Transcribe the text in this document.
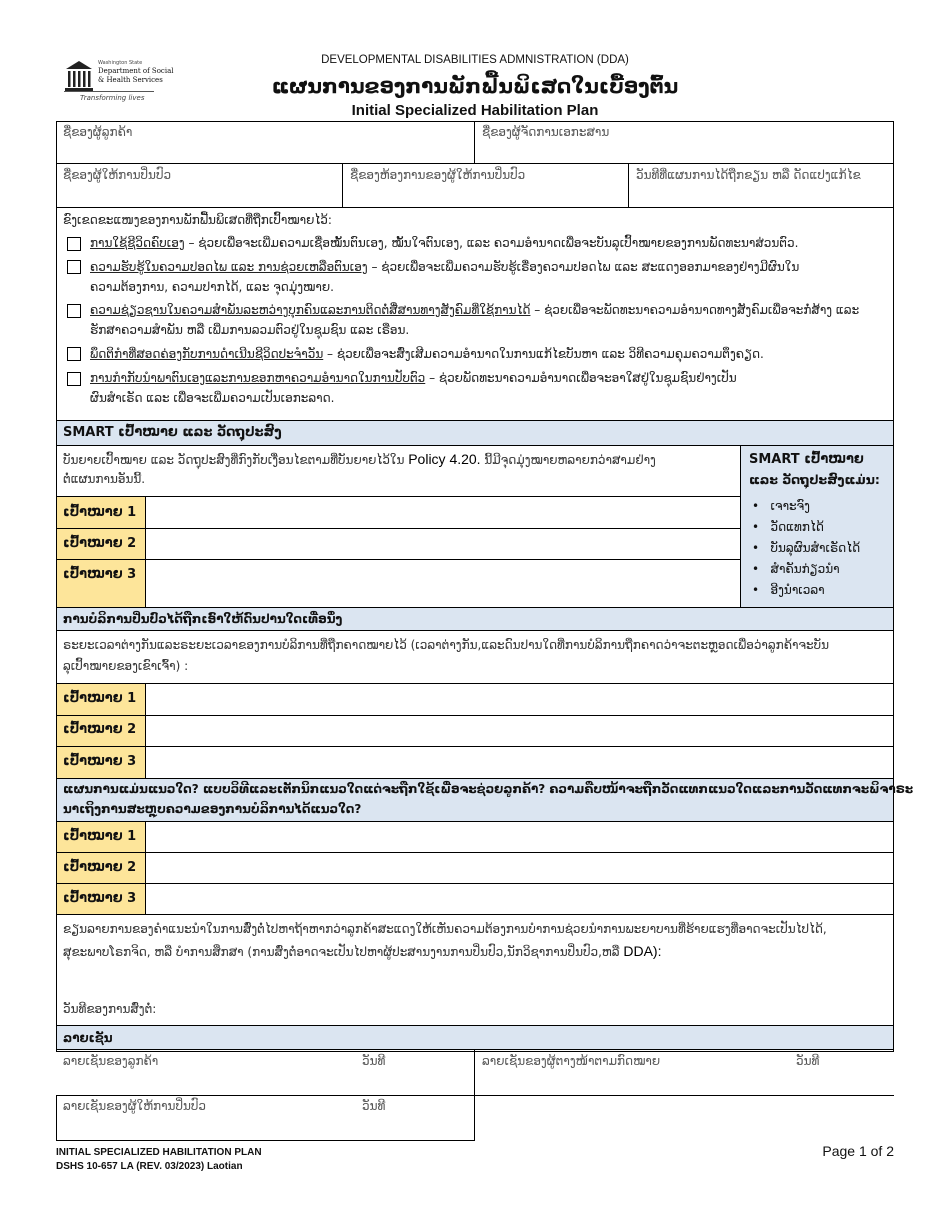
Washington State
Department of Social
& Health Services
Transforming lives
DEVELOPMENTAL DISABILITIES ADMNISTRATION (DDA)
ແຜນການຂອງການພັກຟື້ນພິເສດໃນເບື້ອງຕົ້ນ
Initial Specialized Habilitation Plan
ຊື່ຂອງຜູ້ລູກຄ້າ	ຊື່ຂອງຜູ້ຈັດການເອກະສານ
ຊື່ຂອງຜູ້ໃຫ້ການປິ່ນປົວ	ຊື່ຂອງຫ້ອງການຂອງຜູ້ໃຫ້ການປິ່ນປົວ	ວັນທີທີ່ແຜນການໄດ້ຖືກຂຽນ ຫລື ດັດແປງແກ້ໄຂ
ຂົງເຂດຂະແໜງຂອງການພັກຟື້ນພິເສດທີ່ຖືກເປົ້າໝາຍໄວ້:
ການໃຊ້ຊີວິດຄົບເອງ – ຊ່ວຍເພື່ອຈະເພີ່ມຄວາມເຊື່ອໝັ້ນຕົນເອງ, ໝັ້ນໃຈຕົນເອງ, ແລະ ຄວາມອຳນາດເພື່ອຈະບັນລຸເປົ້າໝາຍຂອງການພັດທະນາສ່ວນຕົວ.
ຄວາມຮັບຮູ້ໃນຄວາມປອດໄພ ແລະ ການຊ່ວຍເຫລືອຕົນເອງ – ຊ່ວຍເພື່ອຈະເພີ່ມຄວາມຮັບຮູ້ເຣື່ອງຄວາມປອດໄພ ແລະ ສະແດງອອກມາຂອງຢ່າງມີຜົນໃນ
ຄວາມຕ້ອງການ, ຄວາມປາກໄດ້, ແລະ ຈຸດມຸ່ງໝາຍ.
ຄວາມຊ່ຽວຊານໃນຄວາມສຳພັນລະຫວ່າງບຸກຄົນແລະການຕິດຕໍ່ສື່ສານທາງສັງຄົມທີ່ໃຊ້ການໄດ້ – ຊ່ວຍເພື່ອຈະພັດທະນາຄວາມອຳນາດທາງສັງຄົມເພື່ອຈະກໍ່ສ້າງ ແລະ
ຮັກສາຄວາມສຳພັນ ຫລື ເພີ່ມການລວມຕົວຢູ່ໃນຊຸມຊົນ ແລະ ເຣືອນ.
ພຶດຕິກຳທີ່ສອດຄ່ອງກັບການດຳເນີນຊີວິດປະຈຳວັນ – ຊ່ວຍເພື່ອຈະສົ່ງເສີມຄວາມອຳນາດໃນການແກ້ໄຂບັນຫາ ແລະ ວິທີຄວາມຄຸມຄວາມຕຶງຄຽດ.
ການກຳກັບນຳພາຕົນເອງແລະການຂອກຫາຄວາມອຳນາດໃນການປັບຕົວ – ຊ່ວຍພັດທະນາຄວາມອຳນາດເພື່ອຈະອາໃສຢູ່ໃນຊຸມຊົນຢ່າງເປັນ
ຜົນສຳເຣັດ ແລະ ເພື່ອຈະເພີ່ມຄວາມເປັນເອກະລາດ.
SMART ເປົ້າໝາຍ ແລະ ວັດຖຸປະສົງ
SMART ເປົ້າໝາຍ
ແລະ ວັດຖຸປະສົງແມ່ນ:
•   ເຈາະຈົງ
•   ວັດແທກໄດ້
•   ບັນລຸຜົນສຳເຣັດໄດ້
•   ສຳຄັນກ່ຽວນຳ
•   ອີງນຳເວລາ
ບັນຍາຍເປົ້າໝາຍ ແລະ ວັດຖຸປະສົງທີ່ກົງກັບເງື່ອນໄຂຕາມທີ່ບັນຍາຍໄວ້ໃນ Policy 4.20. ນີ້ມີຈຸດມຸ່ງໝາຍຫລາຍກວ່າສາມຢ່າງ
ຕໍ່ແຜນການອັນນີ້.
ເປົ້າໝາຍ 1
ເປົ້າໝາຍ 2
ເປົ້າໝາຍ 3
ການບໍລິການປິ່ນປົວໄດ້ຖືກເອົາໃຫ້ດົນປານໃດເທື່ອນຶ່ງ
ຣະຍະເວລາຕ່າງກັນແລະຣະຍະເວລາຂອງການບໍລິການທີ່ຖືກຄາດໝາຍໄວ້ (ເວລາຕ່າງກັນ,ແລະດົນປານໃດທີ່ການບໍລິການຖືກຄາດວ່າຈະຕະຫຼອດເພື່ອວ່າລູກຄ້າຈະບັນ
ລຸເປົ້າໝາຍຂອງເຂົາເຈົ້າ) :
ເປົ້າໝາຍ 1
ເປົ້າໝາຍ 2
ເປົ້າໝາຍ 3
ແຜນການແມ່ນແນວໃດ? ແບບວິທີແລະເຕັກນິກແນວໃດແດ່ຈະຖືກໃຊ້ເພື່ອຈະຊ່ວຍລູກຄ້າ? ຄວາມຄືບໜ້າຈະຖືກວັດແທກແນວໃດແລະການວັດແທກຈະພິຈາຣະ
ນາເຖິງການສະຫຼຸບຄວາມຂອງການບໍລິການໄດ້ແນວໃດ?
ເປົ້າໝາຍ 1
ເປົ້າໝາຍ 2
ເປົ້າໝາຍ 3
ຂຽນລາຍການຂອງຄຳແນະນຳໃນການສົ່ງຕໍ່ໄປຫາຖ້າຫາກວ່າລູກຄ້າສະແດງໃຫ້ເຫັນຄວາມຕ້ອງການບຳການຊ່ວຍນຳການພະຍາບານທີ່ຮ້າຍແຮງທີ່ອາດຈະເປັນໄປໄດ້,
ສຸຂະພາບໂຣກຈິດ, ຫລື ບຳການສຶກສາ (ການສົ່ງຕໍ່ອາດຈະເປັນໄປຫາຜູ້ປະສານງານການປິ່ນປົວ,ນັກວິຊາການປິ່ນປົວ,ຫລື DDA):
ວັນທີຂອງການສົ່ງຕໍ່:
ລາຍເຊັນ
ລາຍເຊັນຂອງລູກຄ້າ	ວັນທີ	ລາຍເຊັນຂອງຜູ້ຕາງໜ້າຕາມກົດໝາຍ	ວັນທີ
ລາຍເຊັນຂອງຜູ້ໃຫ້ການປິ່ນປົວ	ວັນທີ
INITIAL SPECIALIZED HABILITATION PLAN
DSHS 10-657 LA (REV. 03/2023) Laotian
Page 1 of 2
